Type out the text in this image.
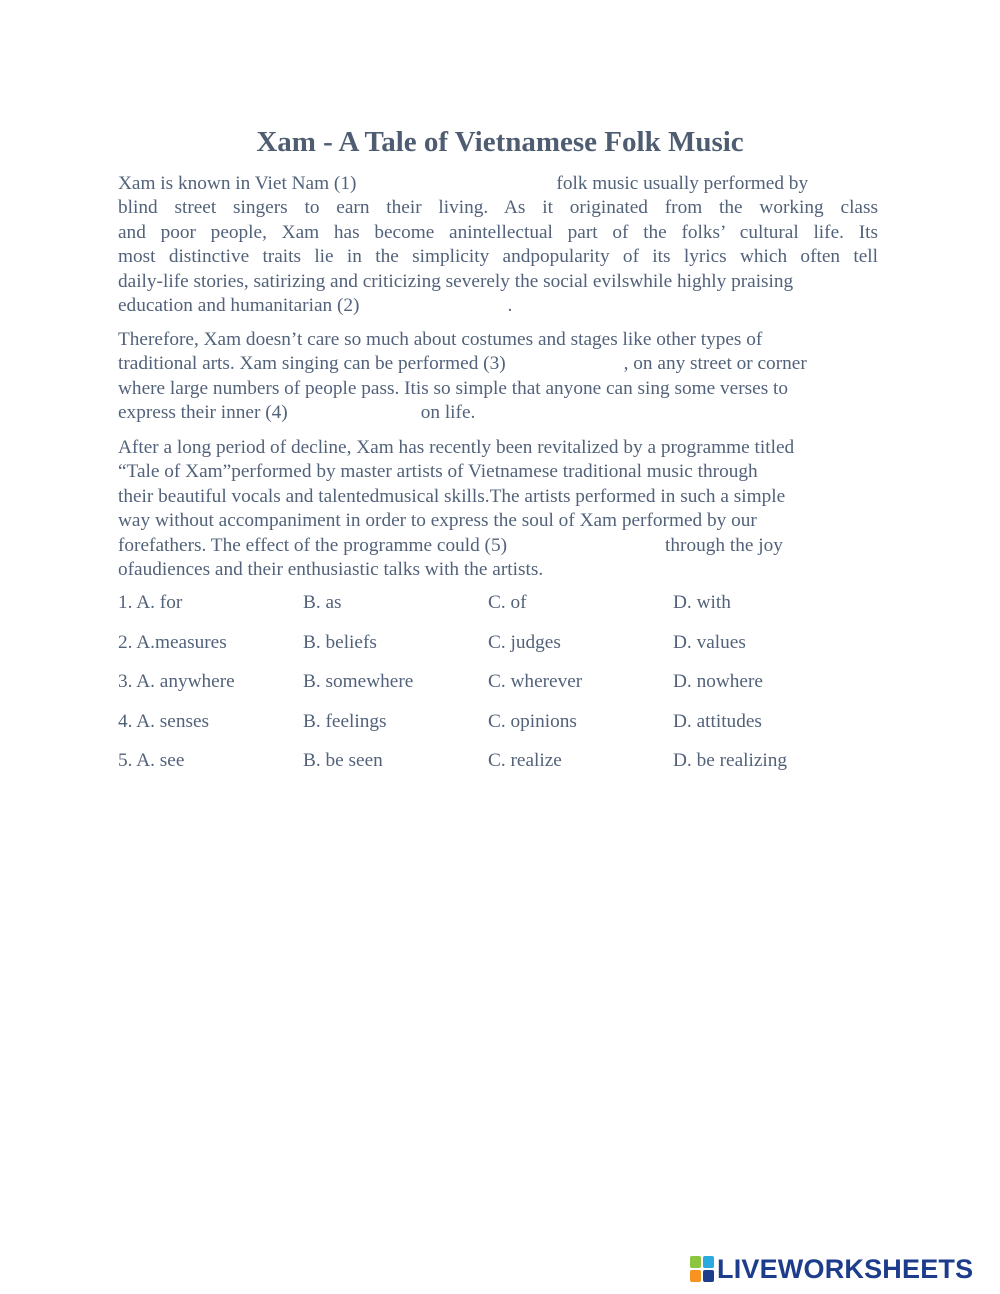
Xam - A Tale of Vietnamese Folk Music
Xam is known in Viet Nam (1)	folk music usually performed by
blind street singers to earn their living. As it originated from the working class
and poor people, Xam has become anintellectual part of the folks’ cultural life. Its
most distinctive traits lie in the simplicity andpopularity of its lyrics which often tell
daily-life stories, satirizing and criticizing severely the social evilswhile highly praising
education and humanitarian (2)	.
Therefore, Xam doesn’t care so much about costumes and stages like other types of
traditional arts. Xam singing can be performed (3)	, on any street or corner
where large numbers of people pass. Itis so simple that anyone can sing some verses to
express their inner (4)	on life.
After a long period of decline, Xam has recently been revitalized by a programme titled
“Tale of Xam”performed by master artists of Vietnamese traditional music through
their beautiful vocals and talentedmusical skills.The artists performed in such a simple
way without accompaniment in order to express the soul of Xam performed by our
forefathers. The effect of the programme could (5)	through the joy
ofaudiences and their enthusiastic talks with the artists.
1. A. for	B. as	C. of	D. with
2. A.measures	B. beliefs	C. judges	D. values
3. A. anywhere	B. somewhere	C. wherever	D. nowhere
4. A. senses	B. feelings	C. opinions	D. attitudes
5. A. see	B. be seen	C. realize	D. be realizing
LIVEWORKSHEETS
